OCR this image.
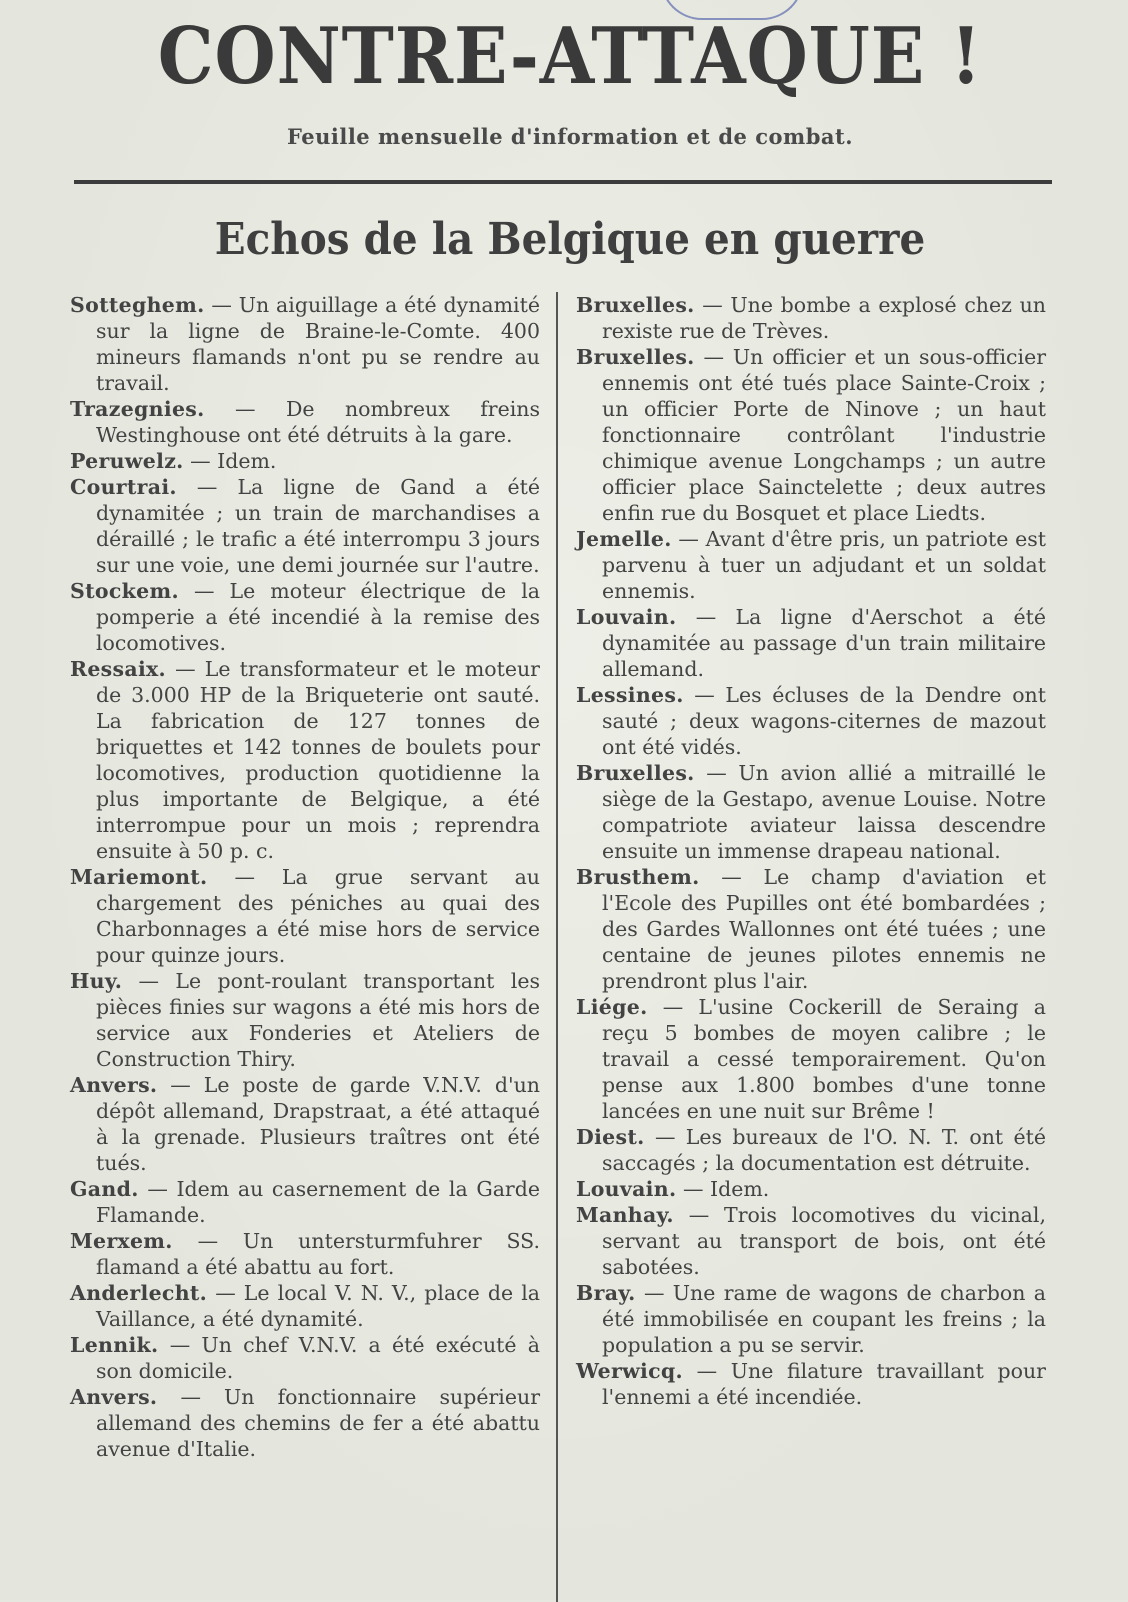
CONTRE-ATTAQUE !
Feuille mensuelle d'information et de combat.
Echos de la Belgique en guerre

Sotteghem. — Un aiguillage a été dynamité sur la ligne de Braine-le-Comte. 400 mineurs flamands n'ont pu se rendre au travail.

Trazegnies. — De nombreux freins Westinghouse ont été détruits à la gare.

Peruwelz. — Idem.

Courtrai. — La ligne de Gand a été dynamitée ; un train de marchandises a déraillé ; le trafic a été interrompu 3 jours sur une voie, une demi journée sur l'autre.

Stockem. — Le moteur électrique de la pomperie a été incendié à la remise des locomotives.

Ressaix. — Le transformateur et le moteur de 3.000 HP de la Briqueterie ont sauté. La fabrication de 127 tonnes de briquettes et 142 tonnes de boulets pour locomotives, production quotidienne la plus importante de Belgique, a été interrompue pour un mois ; reprendra ensuite à 50 p. c.

Mariemont. — La grue servant au chargement des péniches au quai des Charbonnages a été mise hors de service pour quinze jours.

Huy. — Le pont-roulant transportant les pièces finies sur wagons a été mis hors de service aux Fonderies et Ateliers de Construction Thiry.

Anvers. — Le poste de garde V.N.V. d'un dépôt allemand, Drapstraat, a été attaqué à la grenade. Plusieurs traîtres ont été tués.

Gand. — Idem au casernement de la Garde Flamande.

Merxem. — Un untersturmfuhrer SS. flamand a été abattu au fort.

Anderlecht. — Le local V. N. V., place de la Vaillance, a été dynamité.

Lennik. — Un chef V.N.V. a été exécuté à son domicile.

Anvers. — Un fonctionnaire supérieur allemand des chemins de fer a été abattu avenue d'Italie.

Bruxelles. — Une bombe a explosé chez un rexiste rue de Trèves.

Bruxelles. — Un officier et un sous-officier ennemis ont été tués place Sainte-Croix ; un officier Porte de Ninove ; un haut fonctionnaire contrôlant l'industrie chimique avenue Longchamps ; un autre officier place Sainctelette ; deux autres enfin rue du Bosquet et place Liedts.

Jemelle. — Avant d'être pris, un patriote est parvenu à tuer un adjudant et un soldat ennemis.

Louvain. — La ligne d'Aerschot a été dynamitée au passage d'un train militaire allemand.

Lessines. — Les écluses de la Dendre ont sauté ; deux wagons-citernes de mazout ont été vidés.

Bruxelles. — Un avion allié a mitraillé le siège de la Gestapo, avenue Louise. Notre compatriote aviateur laissa descendre ensuite un immense drapeau national.

Brusthem. — Le champ d'aviation et l'Ecole des Pupilles ont été bombardées ; des Gardes Wallonnes ont été tuées ; une centaine de jeunes pilotes ennemis ne prendront plus l'air.

Liége. — L'usine Cockerill de Seraing a reçu 5 bombes de moyen calibre ; le travail a cessé temporairement. Qu'on pense aux 1.800 bombes d'une tonne lancées en une nuit sur Brême !

Diest. — Les bureaux de l'O. N. T. ont été saccagés ; la documentation est détruite.

Louvain. — Idem.

Manhay. — Trois locomotives du vicinal, servant au transport de bois, ont été sabotées.

Bray. — Une rame de wagons de charbon a été immobilisée en coupant les freins ; la population a pu se servir.

Werwicq. — Une filature travaillant pour l'ennemi a été incendiée.
